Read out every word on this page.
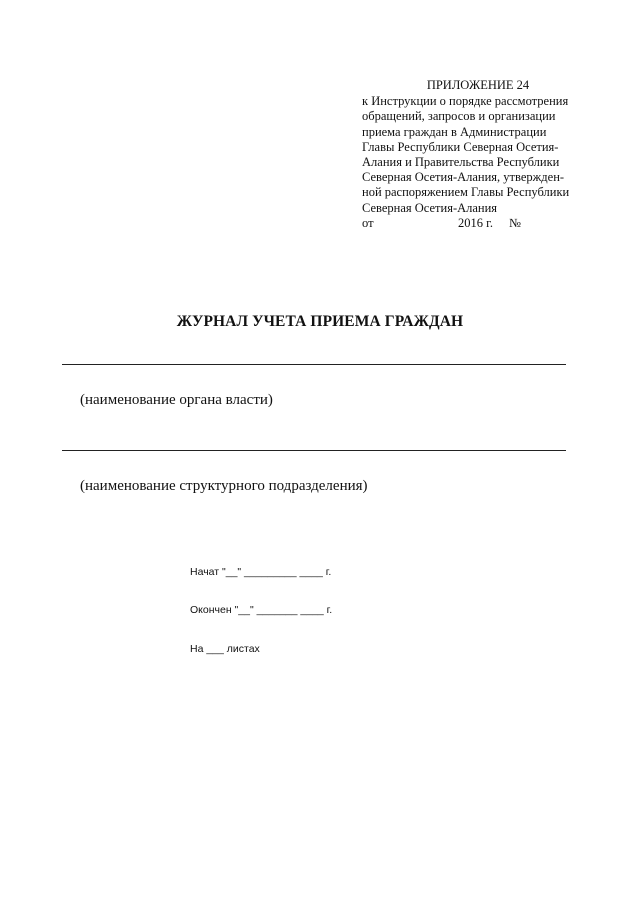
ПРИЛОЖЕНИЕ 24

к Инструкции о порядке рассмотрения

обращений, запросов и организации

приема граждан в Администрации

Главы Республики Северная Осетия-

Алания и Правительства Республики

Северная Осетия-Алания, утвержден-

ной распоряжением Главы Республики

Северная Осетия-Алания

от	2016 г. №
ЖУРНАЛ УЧЕТА ПРИЕМА ГРАЖДАН
(наименование органа власти)
(наименование структурного подразделения)
Начат "__" _________ ____ г.
Окончен "__" _______ ____ г.
На ___ листах
